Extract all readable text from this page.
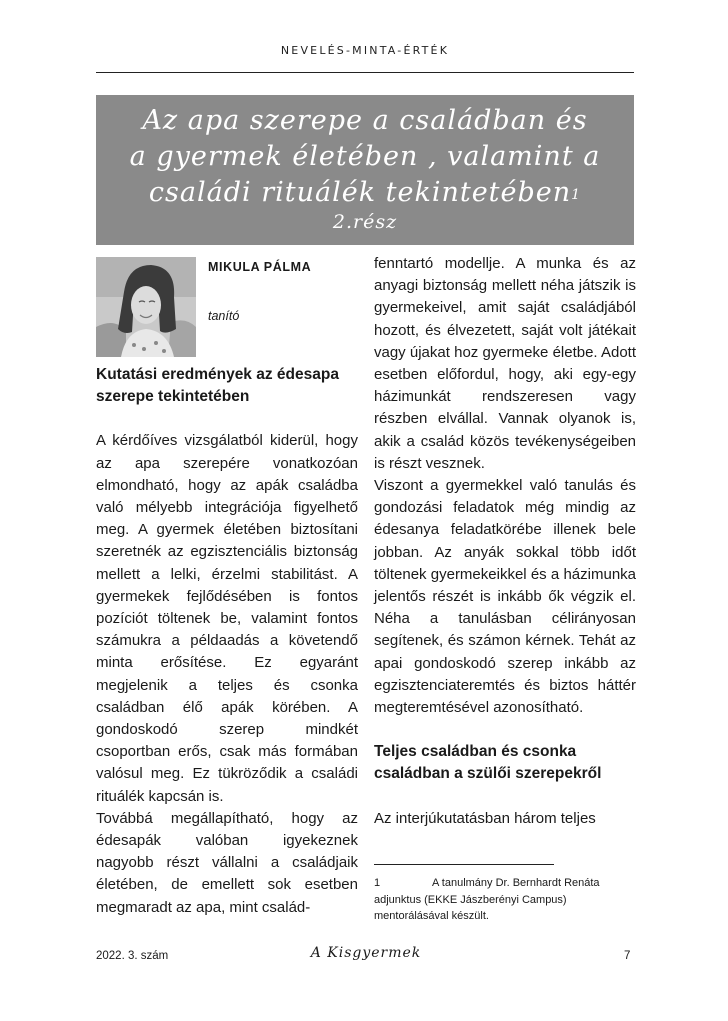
NEVELÉS-MINTA-ÉRTÉK
Az apa szerepe a családban és
a gyermek életében , valamint a
családi rituálék tekintetében$^1$
2.rész
MIKULA PÁLMA
tanító
Kutatási eredmények az édesapa szerepe tekintetében

A kérdőíves vizsgálatból kiderül, hogy az apa szerepére vonatkozóan elmondható, hogy az apák családba való mélyebb integrációja figyelhető meg. A gyermek életében biztosítani szeretnék az egzisztenciális biztonság mellett a lelki, érzelmi stabilitást. A gyermekek fejlődésében is fontos pozíciót töltenek be, valamint fontos számukra a példaadás a követendő minta erősítése. Ez egyaránt megjelenik a teljes és csonka családban élő apák körében. A gondoskodó szerep mindkét csoportban erős, csak más formában valósul meg. Ez tükröződik a családi rituálék kapcsán is.

Továbbá megállapítható, hogy az édesapák valóban igyekeznek nagyobb részt vállalni a családjaik életében, de emellett sok esetben megmaradt az apa, mint család-

fenntartó modellje. A munka és az anyagi biztonság mellett néha játszik is gyermekeivel, amit saját családjából hozott, és élvezetett, saját volt játékait vagy újakat hoz gyermeke életbe. Adott esetben előfordul, hogy, aki egy-egy házimunkát rendszeresen vagy részben elvállal. Vannak olyanok is, akik a család közös tevékenységeiben is részt vesznek.

Viszont a gyermekkel való tanulás és gondozási feladatok még mindig az édesanya feladatkörébe illenek bele jobban. Az anyák sokkal több időt töltenek gyermekeikkel és a házimunka jelentős részét is inkább ők végzik el. Néha a tanulásban célirányosan segítenek, és számon kérnek. Tehát az apai gondoskodó szerep inkább az egzisztenciateremtés és biztos háttér megteremtésével azonosítható.

Teljes családban és csonka családban a szülői szerepekről

Az interjúkutatásban három teljes

1	A tanulmány Dr. Bernhardt Renáta adjunktus (EKKE Jászberényi Campus) mentorálásával készült.
2022. 3. szám	A Kisgyermek	7
